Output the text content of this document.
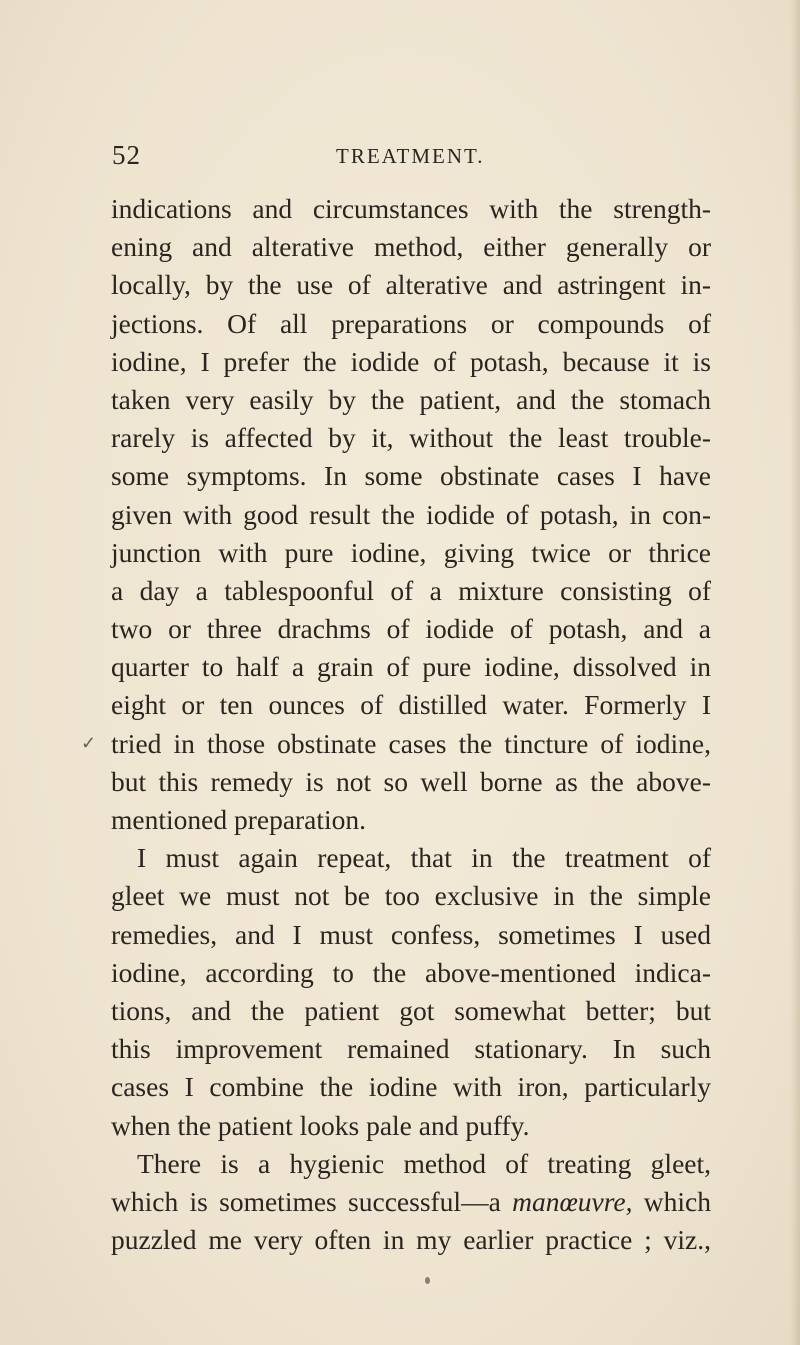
52	TREATMENT.
✓
indications and circumstances with the strength-
ening and alterative method, either generally or
locally, by the use of alterative and astringent in-
jections. Of all preparations or compounds of
iodine, I prefer the iodide of potash, because it is
taken very easily by the patient, and the stomach
rarely is affected by it, without the least trouble-
some symptoms. In some obstinate cases I have
given with good result the iodide of potash, in con-
junction with pure iodine, giving twice or thrice
a day a tablespoonful of a mixture consisting of
two or three drachms of iodide of potash, and a
quarter to half a grain of pure iodine, dissolved in
eight or ten ounces of distilled water. Formerly I
tried in those obstinate cases the tincture of iodine,
but this remedy is not so well borne as the above-
mentioned preparation.
I must again repeat, that in the treatment of
gleet we must not be too exclusive in the simple
remedies, and I must confess, sometimes I used
iodine, according to the above-mentioned indica-
tions, and the patient got somewhat better; but
this improvement remained stationary. In such
cases I combine the iodine with iron, particularly
when the patient looks pale and puffy.
There is a hygienic method of treating gleet,
which is sometimes successful—a manœuvre, which
puzzled me very often in my earlier practice ; viz.,
